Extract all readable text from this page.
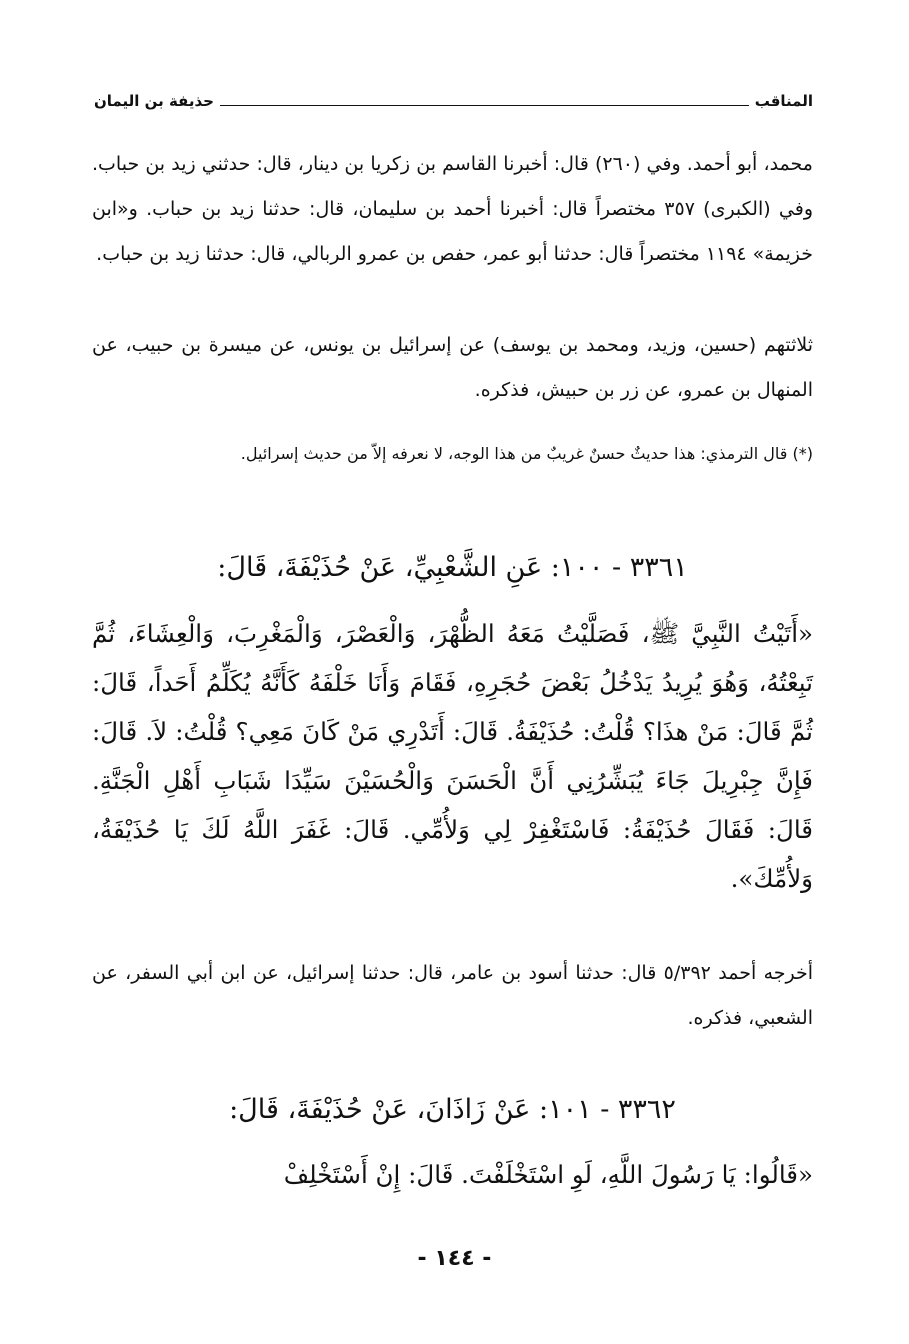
المناقب
حذيفة بن اليمان

محمد، أبو أحمد. وفي (٢٦٠) قال: أخبرنا القاسم بن زكريا بن دينار، قال: حدثني زيد بن حباب. وفي (الكبرى) ٣٥٧ مختصراً قال: أخبرنا أحمد بن سليمان، قال: حدثنا زيد بن حباب. و«ابن خزيمة» ١١٩٤ مختصراً قال: حدثنا أبو عمر، حفص بن عمرو الربالي، قال: حدثنا زيد بن حباب.

ثلاثتهم (حسين، وزيد، ومحمد بن يوسف) عن إسرائيل بن يونس، عن ميسرة بن حبيب، عن المنهال بن عمرو، عن زر بن حبيش، فذكره.

(*) قال الترمذي: هذا حديثٌ حسنٌ غريبٌ من هذا الوجه، لا نعرفه إلاّ من حديث إسرائيل.

٣٣٦١ - ١٠٠: عَنِ الشَّعْبِيِّ، عَنْ حُذَيْفَةَ، قَالَ:

«أَتَيْتُ النَّبِيَّ ﷺ، فَصَلَّيْتُ مَعَهُ الظُّهْرَ، وَالْعَصْرَ، وَالْمَغْرِبَ، وَالْعِشَاءَ، ثُمَّ تَبِعْتُهُ، وَهُوَ يُرِيدُ يَدْخُلُ بَعْضَ حُجَرِهِ، فَقَامَ وَأَنَا خَلْفَهُ كَأَنَّهُ يُكَلِّمُ أَحَداً، قَالَ: ثُمَّ قَالَ: مَنْ هذَا؟ قُلْتُ: حُذَيْفَةُ. قَالَ: أَتَدْرِي مَنْ كَانَ مَعِي؟ قُلْتُ: لاَ. قَالَ: فَإِنَّ جِبْرِيلَ جَاءَ يُبَشِّرُنِي أَنَّ الْحَسَنَ وَالْحُسَيْنَ سَيِّدَا شَبَابِ أَهْلِ الْجَنَّةِ. قَالَ: فَقَالَ حُذَيْفَةُ: فَاسْتَغْفِرْ لِي وَلأُمِّي. قَالَ: غَفَرَ اللَّهُ لَكَ يَا حُذَيْفَةُ، وَلأُمِّكَ».

أخرجه أحمد ٥/٣٩٢ قال: حدثنا أسود بن عامر، قال: حدثنا إسرائيل، عن ابن أبي السفر، عن الشعبي، فذكره.

٣٣٦٢ - ١٠١: عَنْ زَاذَانَ، عَنْ حُذَيْفَةَ، قَالَ:

«قَالُوا: يَا رَسُولَ اللَّهِ، لَوِ اسْتَخْلَفْتَ. قَالَ: إِنْ أَسْتَخْلِفْ

- ١٤٤ -
